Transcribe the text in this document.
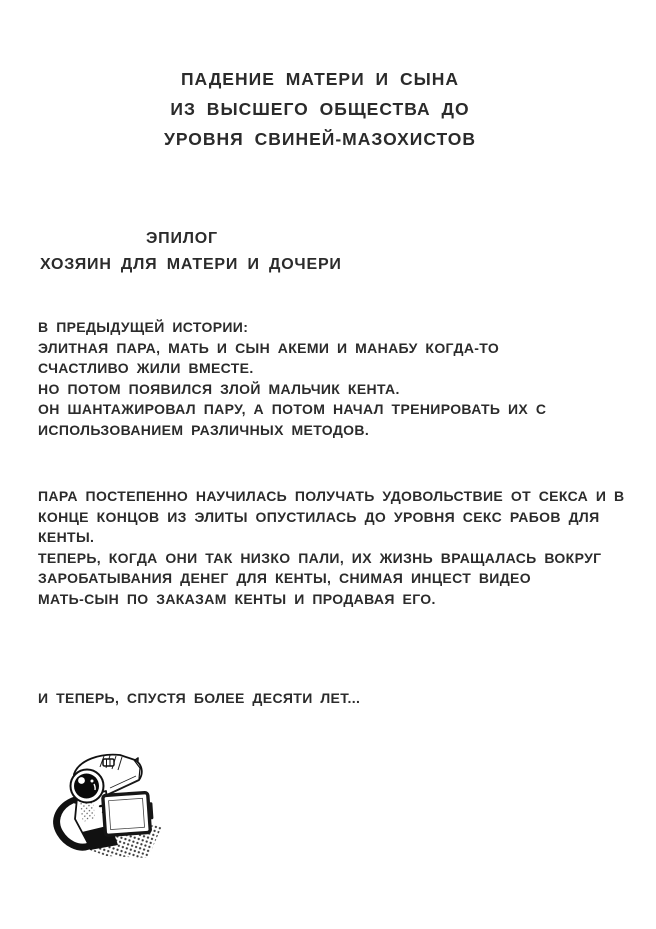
ПАДЕНИЕ МАТЕРИ И СЫНА
ИЗ ВЫСШЕГО ОБЩЕСТВА ДО
УРОВНЯ СВИНЕЙ-МАЗОХИСТОВ
ЭПИЛОГ
ХОЗЯИН ДЛЯ МАТЕРИ И ДОЧЕРИ
В ПРЕДЫДУЩЕЙ ИСТОРИИ:
ЭЛИТНАЯ ПАРА, МАТЬ И СЫН АКЕМИ И МАНАБУ КОГДА-ТО
СЧАСТЛИВО ЖИЛИ ВМЕСТЕ.
НО ПОТОМ ПОЯВИЛСЯ ЗЛОЙ МАЛЬЧИК КЕНТА.
ОН ШАНТАЖИРОВАЛ ПАРУ, А ПОТОМ НАЧАЛ ТРЕНИРОВАТЬ ИХ С
ИСПОЛЬЗОВАНИЕМ РАЗЛИЧНЫХ МЕТОДОВ.
ПАРА ПОСТЕПЕННО НАУЧИЛАСЬ ПОЛУЧАТЬ УДОВОЛЬСТВИЕ ОТ СЕКСА И В
КОНЦЕ КОНЦОВ ИЗ ЭЛИТЫ ОПУСТИЛАСЬ ДО УРОВНЯ СЕКС РАБОВ ДЛЯ
КЕНТЫ.
ТЕПЕРЬ, КОГДА ОНИ ТАК НИЗКО ПАЛИ, ИХ ЖИЗНЬ ВРАЩАЛАСЬ ВОКРУГ
ЗАРОБАТЫВАНИЯ ДЕНЕГ ДЛЯ КЕНТЫ, СНИМАЯ ИНЦЕСТ ВИДЕО
МАТЬ-СЫН ПО ЗАКАЗАМ КЕНТЫ И ПРОДАВАЯ ЕГО.
И ТЕПЕРЬ, СПУСТЯ БОЛЕЕ ДЕСЯТИ ЛЕТ...
